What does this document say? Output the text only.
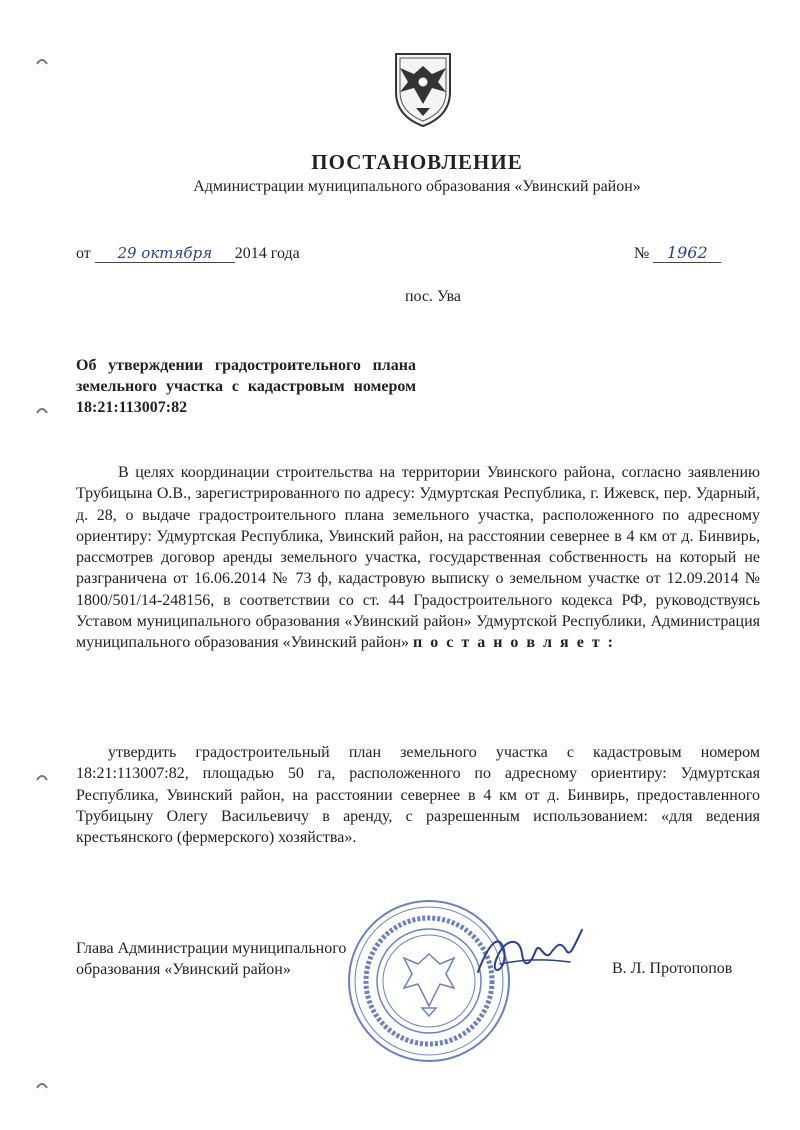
ПОСТАНОВЛЕНИЕ
Администрации муниципального образования «Увинский район»
от 29 октября 2014 года	№ 1962
пос. Ува
Об утверждении градостроительного плана земельного участка с кадастровым номером 18:21:113007:82
В целях координации строительства на территории Увинского района, согласно заявлению Трубицына О.В., зарегистрированного по адресу: Удмуртская Республика, г. Ижевск, пер. Ударный, д. 28, о выдаче градостроительного плана земельного участка, расположенного по адресному ориентиру: Удмуртская Республика, Увинский район, на расстоянии севернее в 4 км от д. Бинвирь, рассмотрев договор аренды земельного участка, государственная собственность на который не разграничена от 16.06.2014 № 73 ф, кадастровую выписку о земельном участке от 12.09.2014 № 1800/501/14-248156, в соответствии со ст. 44 Градостроительного кодекса РФ, руководствуясь Уставом муниципального образования «Увинский район» Удмуртской Республики, Администрация муниципального образования «Увинский район» п о с т а н о в л я е т :
утвердить градостроительный план земельного участка с кадастровым номером 18:21:113007:82, площадью 50 га, расположенного по адресному ориентиру: Удмуртская Республика, Увинский район, на расстоянии севернее в 4 км от д. Бинвирь, предоставленного Трубицыну Олегу Васильевичу в аренду, с разрешенным использованием: «для ведения крестьянского (фермерского) хозяйства».
Глава Администрации муниципального
образования «Увинский район»	В. Л. Протопопов
